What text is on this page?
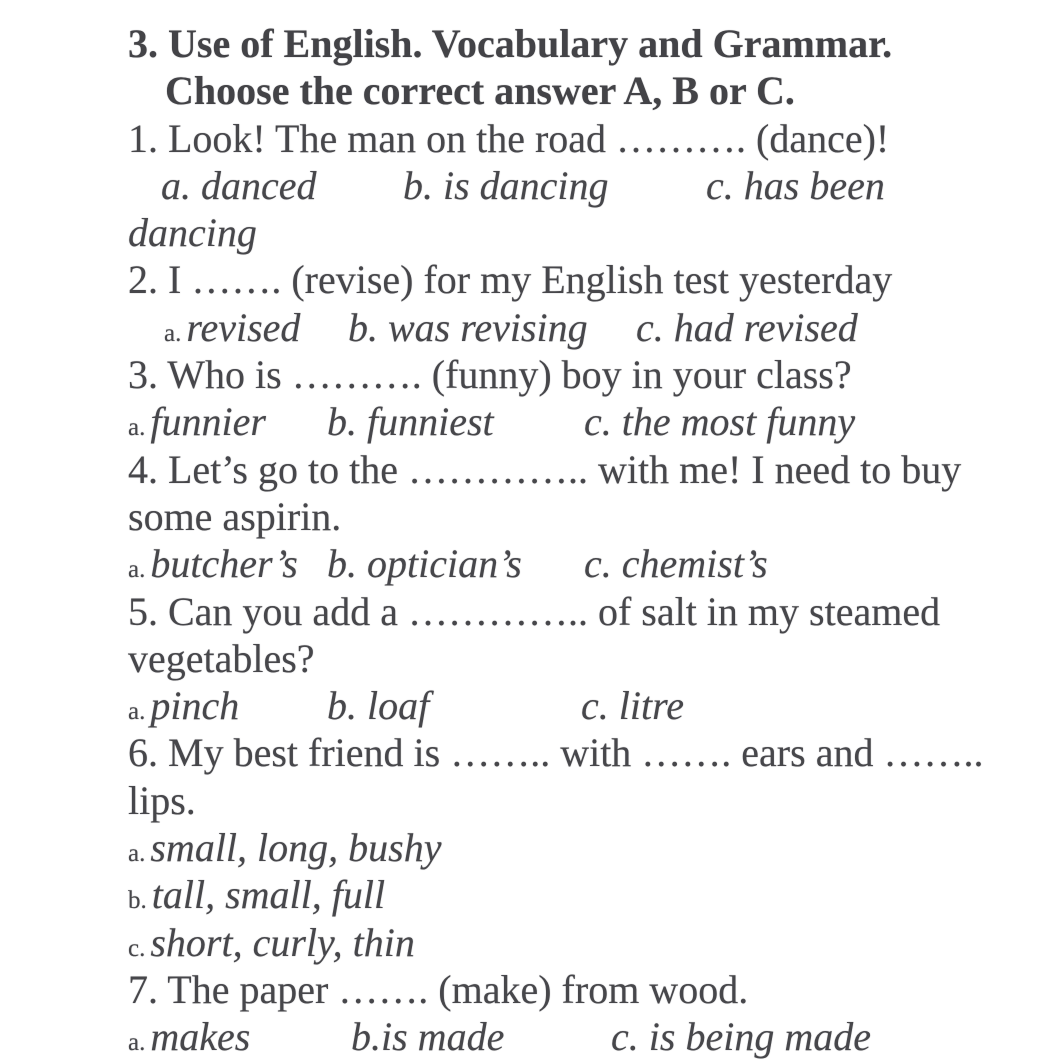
3. Use of English. Vocabulary and Grammar.
Choose the correct answer A, B or C.
1. Look! The man on the road ………. (dance)!

a. danced

b. is dancing

c. has been

dancing
2. I ……. (revise) for my English test yesterday

a. revised

b. was revising

c. had revised

3. Who is ………. (funny) boy in your class?

a. funnier

b. funniest

c. the most funny

4. Let’s go to the ………….. with me! I need to buy
some aspirin.

a. butcher’s

b. optician’s

c. chemist’s

5. Can you add a ………….. of salt in my steamed
vegetables?

a. pinch

b. loaf

	c. litre

6. My best friend is …….. with ……. ears and ……..
lips.

a. small, long, bushy

b. tall, small, full

c. short, curly, thin

7. The paper ……. (make) from wood.

a. makes

	b.is made

	c. is being made
